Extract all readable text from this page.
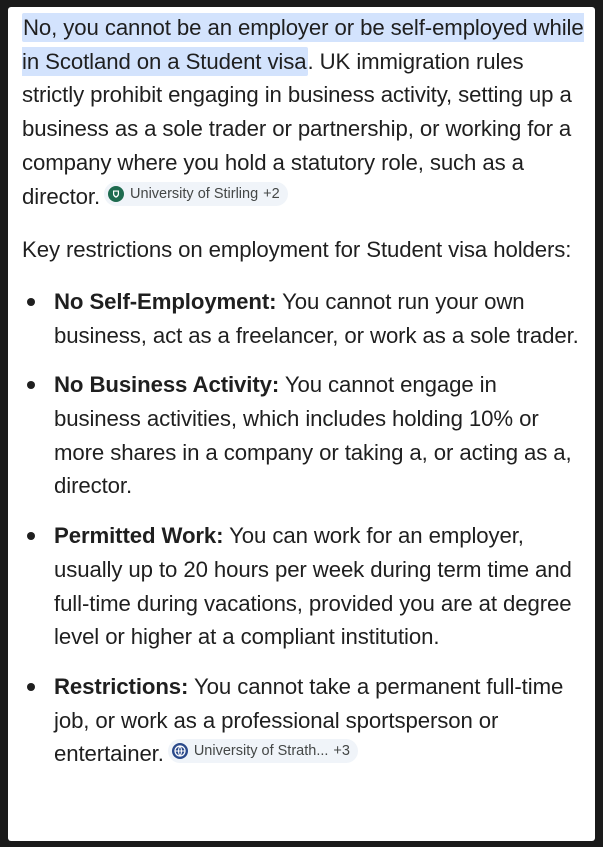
No, you cannot be an employer or be self-employed while in Scotland on a Student visa. UK immigration rules strictly prohibit engaging in business activity, setting up a business as a sole trader or partnership, or working for a company where you hold a statutory role, such as a director. University of Stirling +2

Key restrictions on employment for Student visa holders:

No Self-Employment: You cannot run your own business, act as a freelancer, or work as a sole trader.
No Business Activity: You cannot engage in business activities, which includes holding 10% or more shares in a company or taking a, or acting as a, director.
Permitted Work: You can work for an employer, usually up to 20 hours per week during term time and full-time during vacations, provided you are at degree level or higher at a compliant institution.
Restrictions: You cannot take a permanent full-time job, or work as a professional sportsperson or entertainer. University of Strath... +3
